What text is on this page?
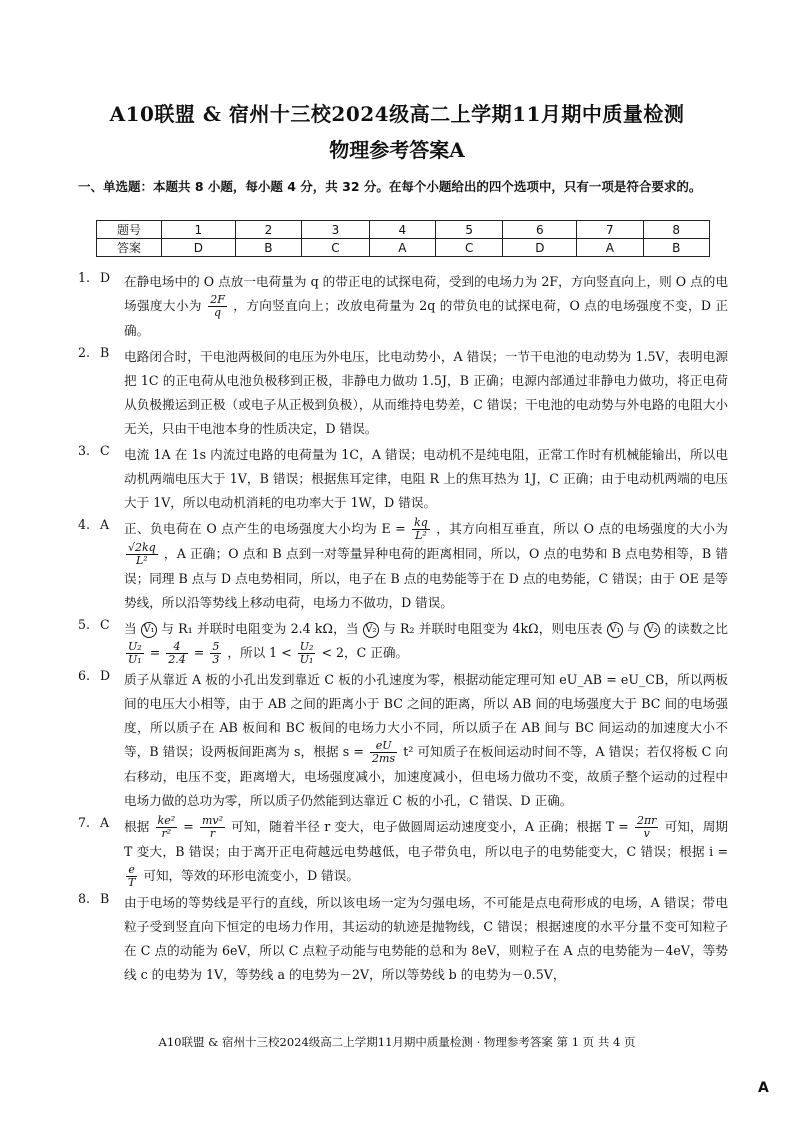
A10联盟 & 宿州十三校2024级高二上学期11月期中质量检测
物理参考答案A
一、单选题：本题共 8 小题，每小题 4 分，共 32 分。在每个小题给出的四个选项中，只有一项是符合要求的。
题号	1	2	3	4	5	6	7	8
答案	D	B	C	A	C	D	A	B
1. D	在静电场中的 O 点放一电荷量为 q 的带正电的试探电荷，受到的电场力为 2F，方向竖直向上，则 O 点的电场强度大小为 $\frac{2F}{q}$ ，方向竖直向上；改放电荷量为 2q 的带负电的试探电荷，O 点的电场强度不变，D 正确。
2. B	电路闭合时，干电池两极间的电压为外电压，比电动势小，A 错误；一节干电池的电动势为 1.5V，表明电源把 1C 的正电荷从电池负极移到正极，非静电力做功 1.5J，B 正确；电源内部通过非静电力做功，将正电荷从负极搬运到正极（或电子从正极到负极），从而维持电势差，C 错误；干电池的电动势与外电路的电阻大小无关，只由干电池本身的性质决定，D 错误。
3. C	电流 1A 在 1s 内流过电路的电荷量为 1C，A 错误；电动机不是纯电阻，正常工作时有机械能输出，所以电动机两端电压大于 1V，B 错误；根据焦耳定律，电阻 R 上的焦耳热为 1J，C 正确；由于电动机两端的电压大于 1V，所以电动机消耗的电功率大于 1W，D 错误。
4. A	正、负电荷在 O 点产生的电场强度大小均为 $E = \frac{kq}{\text{L²}}$ ，其方向相互垂直，所以 O 点的电场强度的大小为
$\frac{√2kq}{\text{L²}}$ ，A 正确；O 点和 B 点到一对等量异种电荷的距离相同，所以，O 点的电势和 B 点电势相等，B 错误；同理 B 点与 D 点电势相同，所以，电子在 B 点的电势能等于在 D 点的电势能，C 错误；由于 OE 是等势线，所以沿等势线上移动电荷，电场力不做功，D 错误。
5. C	当 V₁ 与 R₁ 并联时电阻变为 2.4 kΩ，当 V₂ 与 R₂ 并联时电阻变为 4kΩ，则电压表 V₁ 与 V₂ 的读数之比
$\frac{\text{U₂}}{\text{U₁}} = \frac{4}{2.4} = \frac{5}{3}$ ，所以 $1 < \frac{\text{U₂}}{\text{U₁}} < 2$，C 正确。
6. D	质子从靠近 A 板的小孔出发到靠近 C 板的小孔速度为零，根据动能定理可知 eU_AB = eU_CB，所以两板间的电压大小相等，由于 AB 之间的距离小于 BC 之间的距离，所以 AB 间的电场强度大于 BC 间的电场强度，所以质子在 AB 板间和 BC 板间的电场力大小不同，所以质子在 AB 间与 BC 间运动的加速度大小不等，B 错误；设两板间距离为 s，根据 $s = \frac{eU}{2ms} t^2$ 可知质子在板间运动时间不等，A 错误；若仅将板 C 向右移动，电压不变，距离增大，电场强度减小，加速度减小，但电场力做功不变，故质子整个运动的过程中电场力做的总功为零，所以质子仍然能到达靠近 C 板的小孔，C 错误、D 正确。
7. A	根据 $\frac{\text{ke²}}{\text{r²}} = \frac{\text{mv²}}{r}$ 可知，随着半径 r 变大，电子做圆周运动速度变小，A 正确；根据 $T = \frac{2\pi r}{v}$ 可知，周期 T 变大，B 错误；由于离开正电荷越远电势越低，电子带负电，所以电子的电势能变大，C 错误；根据 i =
$\frac{e}{T}$ 可知，等效的环形电流变小，D 错误。
8. B	由于电场的等势线是平行的直线，所以该电场一定为匀强电场，不可能是点电荷形成的电场，A 错误；带电粒子受到竖直向下恒定的电场力作用，其运动的轨迹是抛物线，C 错误；根据速度的水平分量不变可知粒子在 C 点的动能为 6eV，所以 C 点粒子动能与电势能的总和为 8eV，则粒子在 A 点的电势能为－4eV，等势线 c 的电势为 1V，等势线 a 的电势为－2V，所以等势线 b 的电势为－0.5V，
A10联盟 & 宿州十三校2024级高二上学期11月期中质量检测 · 物理参考答案 第 1 页 共 4 页
A
